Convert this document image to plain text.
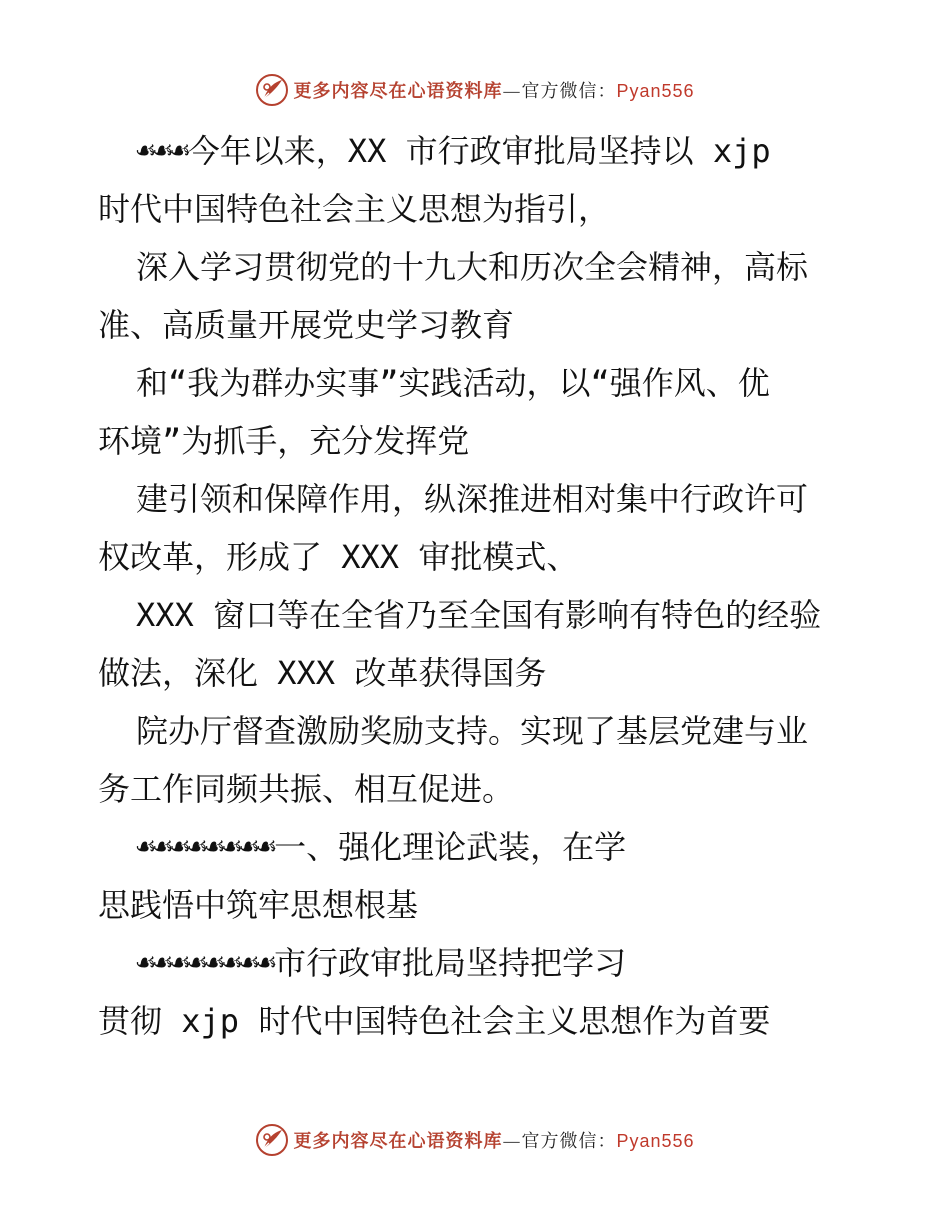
更多内容尽在心语资料库—官方微信：Pyan556
☙☙☙今年以来，XX 市行政审批局坚持以 xjp
时代中国特色社会主义思想为指引，
深入学习贯彻党的十九大和历次全会精神，高标
准、高质量开展党史学习教育
和“我为群办实事”实践活动，以“强作风、优
环境”为抓手，充分发挥党
建引领和保障作用，纵深推进相对集中行政许可
权改革，形成了 XXX 审批模式、
XXX 窗口等在全省乃至全国有影响有特色的经验
做法，深化 XXX 改革获得国务
院办厅督查激励奖励支持。实现了基层党建与业
务工作同频共振、相互促进。
☙☙☙☙☙☙☙☙一、强化理论武装，在学
思践悟中筑牢思想根基
☙☙☙☙☙☙☙☙市行政审批局坚持把学习
贯彻 xjp 时代中国特色社会主义思想作为首要
更多内容尽在心语资料库—官方微信：Pyan556
